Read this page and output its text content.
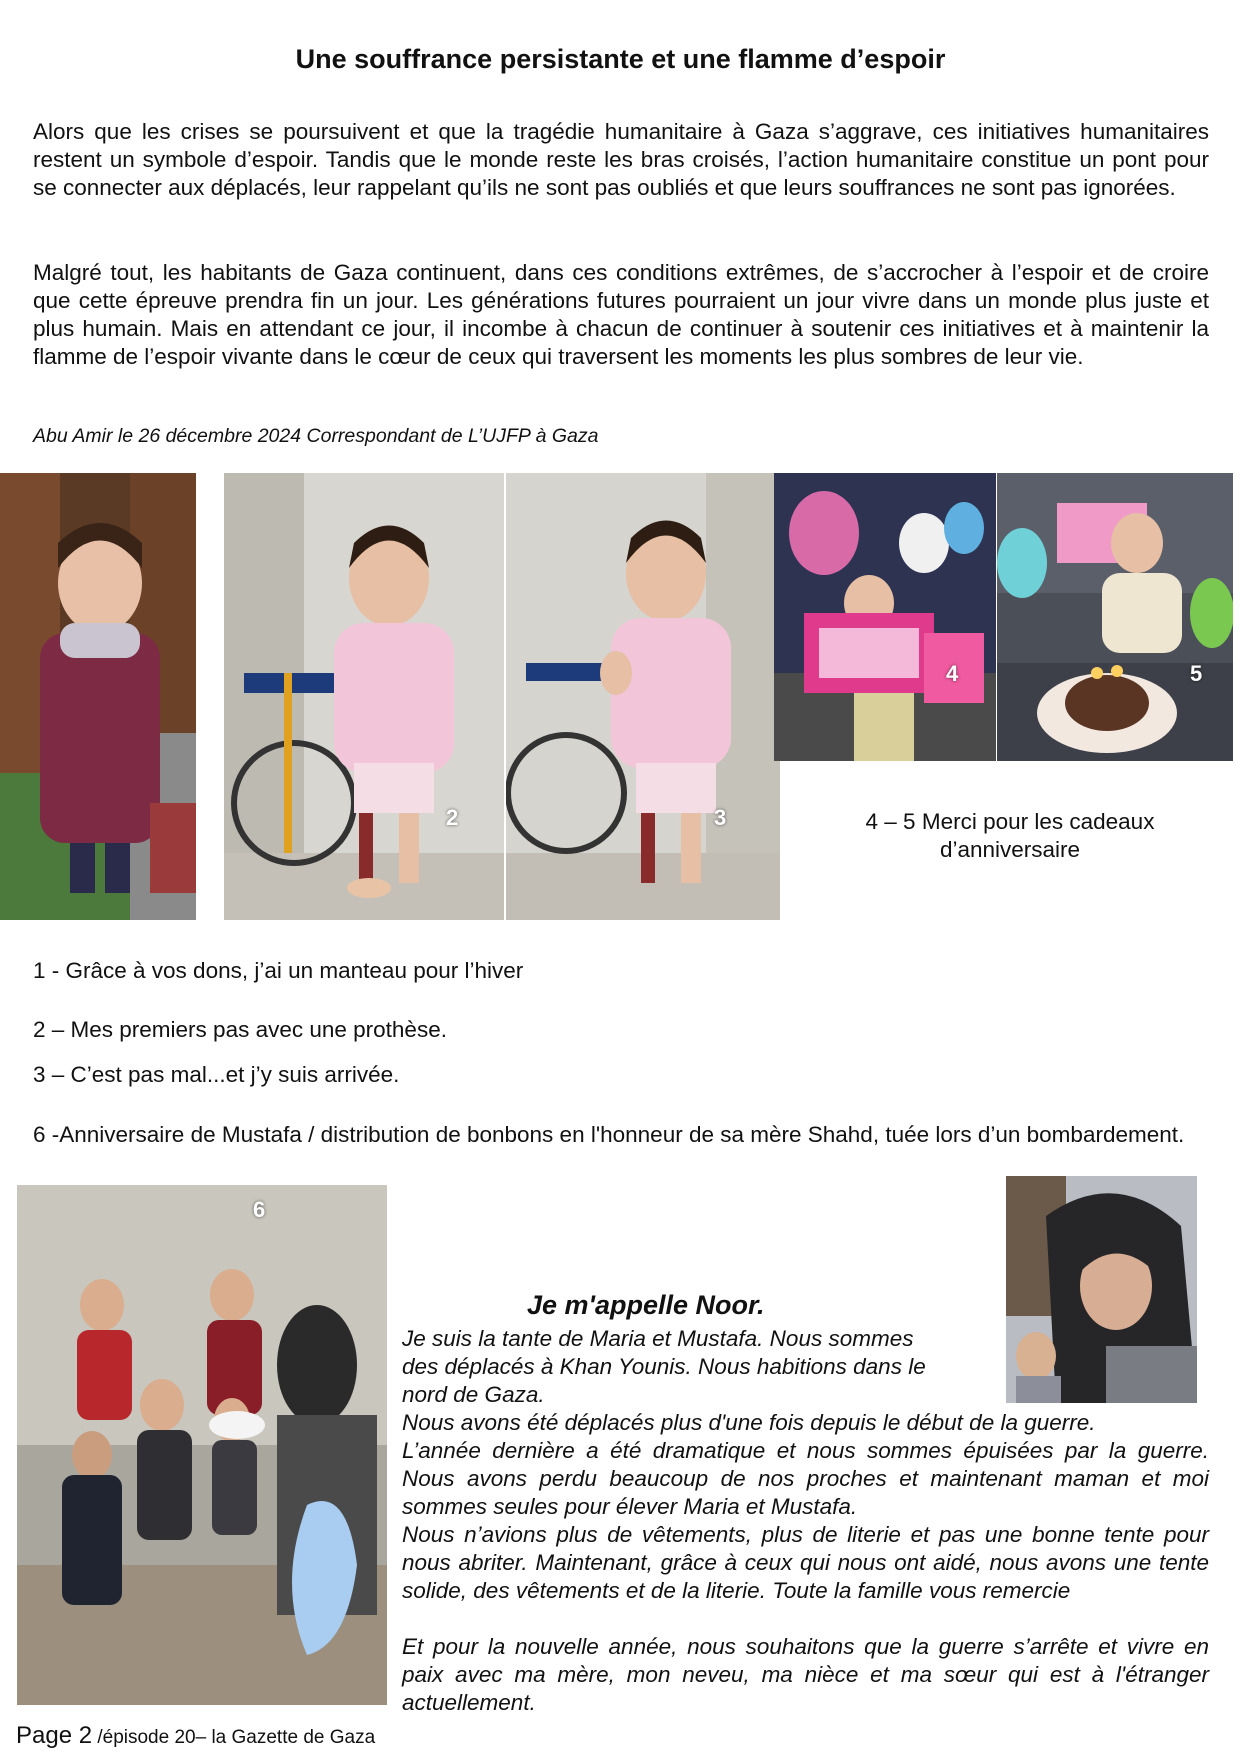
Une souffrance persistante et une flamme d’espoir

Alors que les crises se poursuivent et que la tragédie humanitaire à Gaza s’aggrave, ces initiatives humanitaires restent un symbole d’espoir. Tandis que le monde reste les bras croisés, l’action humanitaire constitue un pont pour se connecter aux déplacés, leur rappelant qu’ils ne sont pas oubliés et que leurs souffrances ne sont pas ignorées.

Malgré tout, les habitants de Gaza continuent, dans ces conditions extrêmes, de s’accrocher à l’espoir et de croire que cette épreuve prendra fin un jour. Les générations futures pourraient un jour vivre dans un monde plus juste et plus humain. Mais en attendant ce jour, il incombe à chacun de continuer à soutenir ces initiatives et à maintenir la flamme de l’espoir vivante dans le cœur de ceux qui traversent les moments les plus sombres de leur vie.

Abu Amir le 26 décembre 2024 Correspondant de L’UJFP à Gaza

2	3
4	5
4 – 5 Merci pour les cadeaux d’anniversaire

1 - Grâce à vos dons, j’ai un manteau pour l’hiver

2 – Mes premiers pas avec une prothèse.

3 – C’est pas mal...et j’y suis arrivée.

6 -Anniversaire de Mustafa / distribution de bonbons en l'honneur de sa mère Shahd, tuée lors d’un bombardement.

6

Je m'appelle Noor.

Je suis la tante de Maria et Mustafa. Nous sommes
des déplacés à Khan Younis. Nous habitions dans le
nord de Gaza.

Nous avons été déplacés plus d'une fois depuis le début de la guerre.

L’année dernière a été dramatique et nous sommes épuisées par la guerre. Nous avons perdu beaucoup de nos proches et maintenant maman et moi sommes seules pour élever Maria et Mustafa.

Nous n’avions plus de vêtements, plus de literie et pas une bonne tente pour nous abriter. Maintenant, grâce à ceux qui nous ont aidé, nous avons une tente solide, des vêtements et de la literie. Toute la famille vous remercie

Et pour la nouvelle année, nous souhaitons que la guerre s’arrête et vivre en paix avec ma mère, mon neveu, ma nièce et ma sœur qui est à l'étranger actuellement.

Page 2 /épisode 20– la Gazette de Gaza
